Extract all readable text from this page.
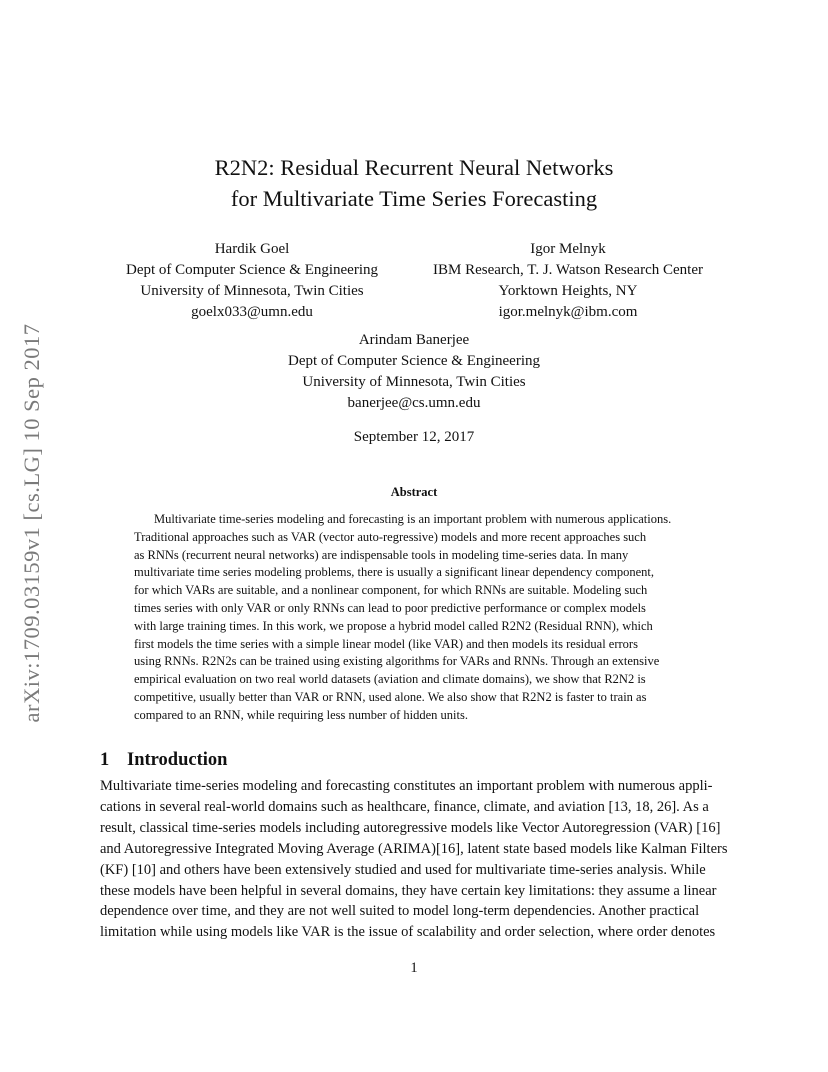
arXiv:1709.03159v1 [cs.LG] 10 Sep 2017
R2N2: Residual Recurrent Neural Networks
for Multivariate Time Series Forecasting
Hardik Goel
Dept of Computer Science & Engineering
University of Minnesota, Twin Cities
goelx033@umn.edu
Igor Melnyk
IBM Research, T. J. Watson Research Center
Yorktown Heights, NY
igor.melnyk@ibm.com
Arindam Banerjee
Dept of Computer Science & Engineering
University of Minnesota, Twin Cities
banerjee@cs.umn.edu
September 12, 2017
Abstract
Multivariate time-series modeling and forecasting is an important problem with numerous applications.
Traditional approaches such as VAR (vector auto-regressive) models and more recent approaches such
as RNNs (recurrent neural networks) are indispensable tools in modeling time-series data. In many
multivariate time series modeling problems, there is usually a significant linear dependency component,
for which VARs are suitable, and a nonlinear component, for which RNNs are suitable. Modeling such
times series with only VAR or only RNNs can lead to poor predictive performance or complex models
with large training times. In this work, we propose a hybrid model called R2N2 (Residual RNN), which
first models the time series with a simple linear model (like VAR) and then models its residual errors
using RNNs. R2N2s can be trained using existing algorithms for VARs and RNNs. Through an extensive
empirical evaluation on two real world datasets (aviation and climate domains), we show that R2N2 is
competitive, usually better than VAR or RNN, used alone. We also show that R2N2 is faster to train as
compared to an RNN, while requiring less number of hidden units.
1 Introduction
Multivariate time-series modeling and forecasting constitutes an important problem with numerous appli-
cations in several real-world domains such as healthcare, finance, climate, and aviation [13, 18, 26]. As a
result, classical time-series models including autoregressive models like Vector Autoregression (VAR) [16]
and Autoregressive Integrated Moving Average (ARIMA)[16], latent state based models like Kalman Filters
(KF) [10] and others have been extensively studied and used for multivariate time-series analysis. While
these models have been helpful in several domains, they have certain key limitations: they assume a linear
dependence over time, and they are not well suited to model long-term dependencies. Another practical
limitation while using models like VAR is the issue of scalability and order selection, where order denotes
1
